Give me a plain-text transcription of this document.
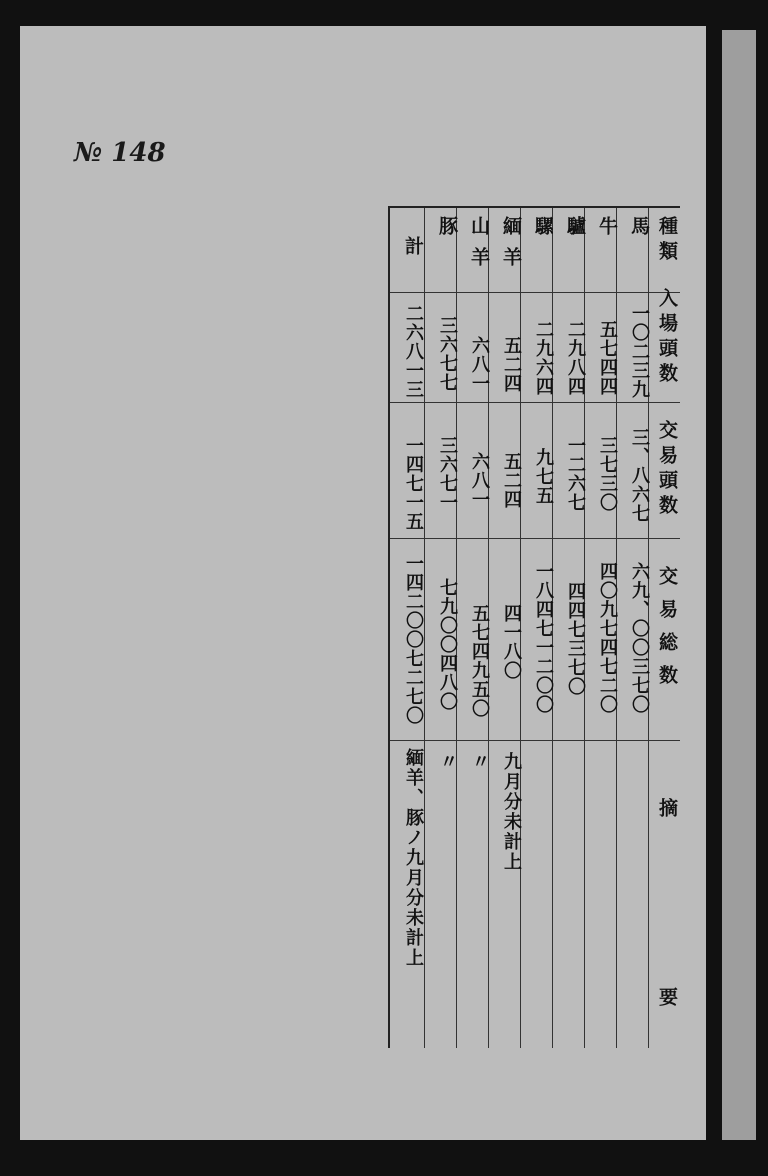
№ 148
種類
入場頭数
交易頭数
交易総数
摘要
馬
一〇二三九
三、八六七
六九、〇〇三七〇
牛
五七四四
三七三〇
四〇九七四七二〇
驢
二九八四
一二六七
四四七三七〇
騾
二九六四
九七五
一八四七一二〇〇
緬羊
五二四
五二四
四一八〇
九月分未計上
山羊
六八一
六八一
五七四九五〇
〃
豚
三六七七
三六七一
七九〇〇四八〇
〃
計
二六八一三
一四七一五
一四二〇〇七二七〇
緬羊、豚ノ九月分未計上
